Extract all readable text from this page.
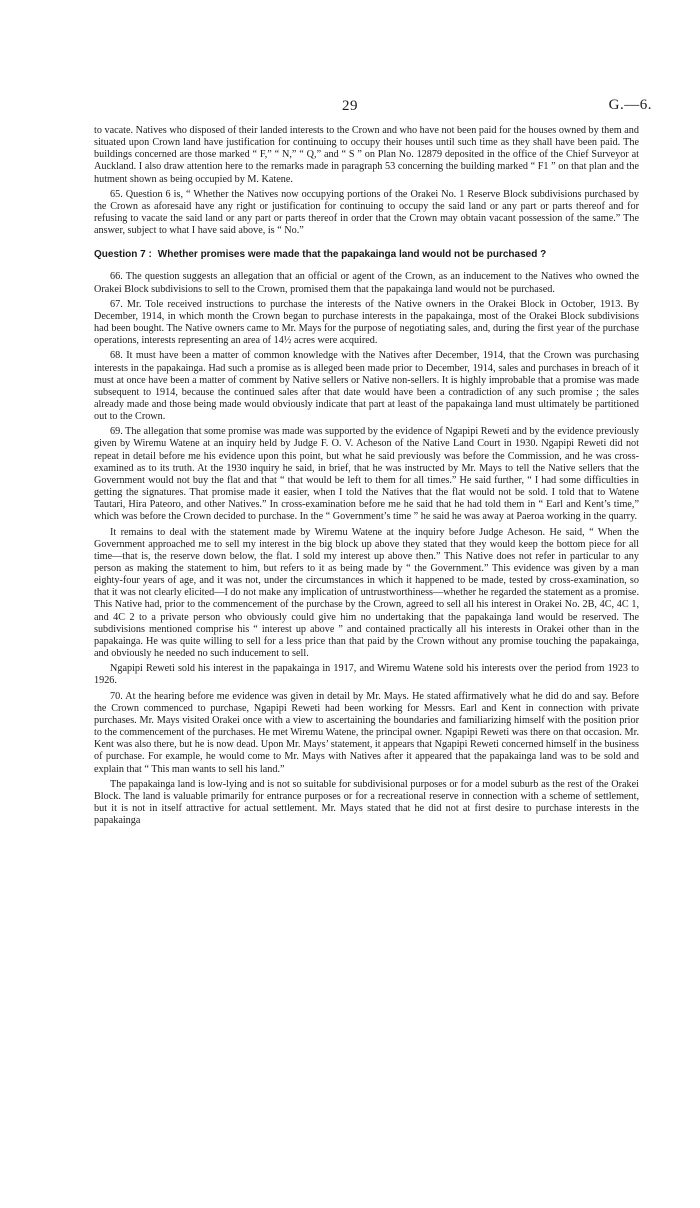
29	G.—6.

to vacate. Natives who disposed of their landed interests to the Crown and who have not been paid for the houses owned by them and situated upon Crown land have justification for continuing to occupy their houses until such time as they shall have been paid. The buildings concerned are those marked “ F,” “ N,” “ Q,” and “ S ” on Plan No. 12879 deposited in the office of the Chief Surveyor at Auckland. I also draw attention here to the remarks made in paragraph 53 concerning the building marked “ F1 ” on that plan and the hutment shown as being occupied by M. Katene.

65. Question 6 is, “ Whether the Natives now occupying portions of the Orakei No. 1 Reserve Block subdivisions purchased by the Crown as aforesaid have any right or justification for continuing to occupy the said land or any part or parts thereof and for refusing to vacate the said land or any part or parts thereof in order that the Crown may obtain vacant possession of the same.” The answer, subject to what I have said above, is “ No.”

Question 7 : Whether promises were made that the papakainga land would not be purchased ?

66. The question suggests an allegation that an official or agent of the Crown, as an inducement to the Natives who owned the Orakei Block subdivisions to sell to the Crown, promised them that the papakainga land would not be purchased.

67. Mr. Tole received instructions to purchase the interests of the Native owners in the Orakei Block in October, 1913. By December, 1914, in which month the Crown began to purchase interests in the papakainga, most of the Orakei Block subdivisions had been bought. The Native owners came to Mr. Mays for the purpose of negotiating sales, and, during the first year of the purchase operations, interests representing an area of 14½ acres were acquired.

68. It must have been a matter of common knowledge with the Natives after December, 1914, that the Crown was purchasing interests in the papakainga. Had such a promise as is alleged been made prior to December, 1914, sales and purchases in breach of it must at once have been a matter of comment by Native sellers or Native non-sellers. It is highly improbable that a promise was made subsequent to 1914, because the continued sales after that date would have been a contradiction of any such promise ; the sales already made and those being made would obviously indicate that part at least of the papakainga land must ultimately be partitioned out to the Crown.

69. The allegation that some promise was made was supported by the evidence of Ngapipi Reweti and by the evidence previously given by Wiremu Watene at an inquiry held by Judge F. O. V. Acheson of the Native Land Court in 1930. Ngapipi Reweti did not repeat in detail before me his evidence upon this point, but what he said previously was before the Commission, and he was cross-examined as to its truth. At the 1930 inquiry he said, in brief, that he was instructed by Mr. Mays to tell the Native sellers that the Government would not buy the flat and that “ that would be left to them for all times.” He said further, “ I had some difficulties in getting the signatures. That promise made it easier, when I told the Natives that the flat would not be sold. I told that to Watene Tautari, Hira Pateoro, and other Natives.” In cross-examination before me he said that he had told them in “ Earl and Kent’s time,” which was before the Crown decided to purchase. In the “ Government’s time ” he said he was away at Paeroa working in the quarry.

It remains to deal with the statement made by Wiremu Watene at the inquiry before Judge Acheson. He said, “ When the Government approached me to sell my interest in the big block up above they stated that they would keep the bottom piece for all time—that is, the reserve down below, the flat. I sold my interest up above then.” This Native does not refer in particular to any person as making the statement to him, but refers to it as being made by “ the Government.” This evidence was given by a man eighty-four years of age, and it was not, under the circumstances in which it happened to be made, tested by cross-examination, so that it was not clearly elicited—I do not make any implication of untrustworthiness—whether he regarded the statement as a promise. This Native had, prior to the commencement of the purchase by the Crown, agreed to sell all his interest in Orakei No. 2B, 4C, 4C 1, and 4C 2 to a private person who obviously could give him no undertaking that the papakainga land would be reserved. The subdivisions mentioned comprise his “ interest up above ” and contained practically all his interests in Orakei other than in the papakainga. He was quite willing to sell for a less price than that paid by the Crown without any promise touching the papakainga, and obviously he needed no such inducement to sell.

Ngapipi Reweti sold his interest in the papakainga in 1917, and Wiremu Watene sold his interests over the period from 1923 to 1926.

70. At the hearing before me evidence was given in detail by Mr. Mays. He stated affirmatively what he did do and say. Before the Crown commenced to purchase, Ngapipi Reweti had been working for Messrs. Earl and Kent in connection with private purchases. Mr. Mays visited Orakei once with a view to ascertaining the boundaries and familiarizing himself with the position prior to the commencement of the purchases. He met Wiremu Watene, the principal owner. Ngapipi Reweti was there on that occasion. Mr. Kent was also there, but he is now dead. Upon Mr. Mays’ statement, it appears that Ngapipi Reweti concerned himself in the business of purchase. For example, he would come to Mr. Mays with Natives after it appeared that the papakainga land was to be sold and explain that “ This man wants to sell his land.”

The papakainga land is low-lying and is not so suitable for subdivisional purposes or for a model suburb as the rest of the Orakei Block. The land is valuable primarily for entrance purposes or for a recreational reserve in connection with a scheme of settlement, but it is not in itself attractive for actual settlement. Mr. Mays stated that he did not at first desire to purchase interests in the papakainga
